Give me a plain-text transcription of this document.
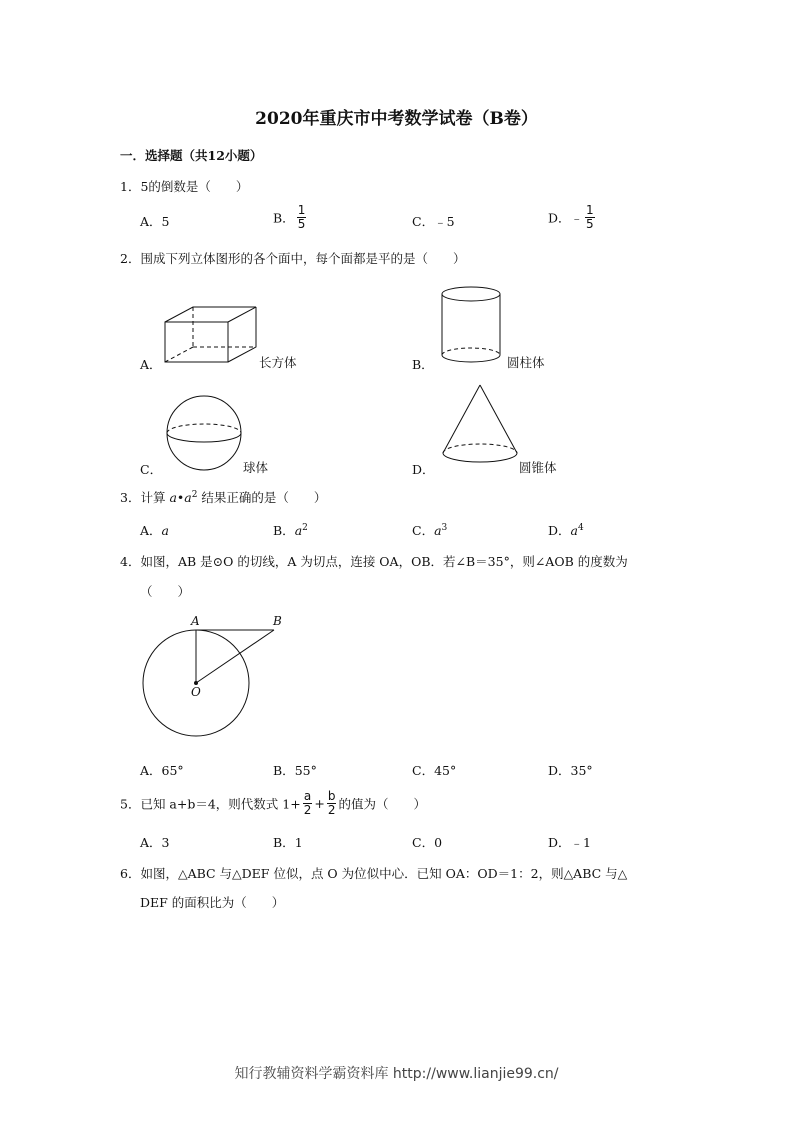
2020年重庆市中考数学试卷（B卷）
一．选择题（共12小题）
1．5的倒数是（　　）
A．5	B． $\frac{1}{5}$	C．﹣5	D．﹣ $\frac{1}{5}$
2．围成下列立体图形的各个面中，每个面都是平的是（　　）
A．	长方体	B．	圆柱体
C．	球体	D．	圆锥体
3．计算 $a•a^2$ 结果正确的是（　　）
A．a	B．$a^2$	C．$a^3$	D．$a^4$
4．如图，AB 是⊙O 的切线，A 为切点，连接 OA，OB．若∠B＝35°，则∠AOB 的度数为
（　　）
A	B
O
A．65°	B．55°	C．45°	D．35°
5．已知 a+b＝4，则代数式 $1+ \frac{a}{2} + \frac{b}{2}$ 的值为（　　）
A．3	B．1	C．0	D．﹣1
6．如图，△ABC 与△DEF 位似，点 O 为位似中心．已知 OA：OD＝1：2，则△ABC 与△
DEF 的面积比为（　　）
知行教辅资料学霸资料库 http://www.lianjie99.cn/
